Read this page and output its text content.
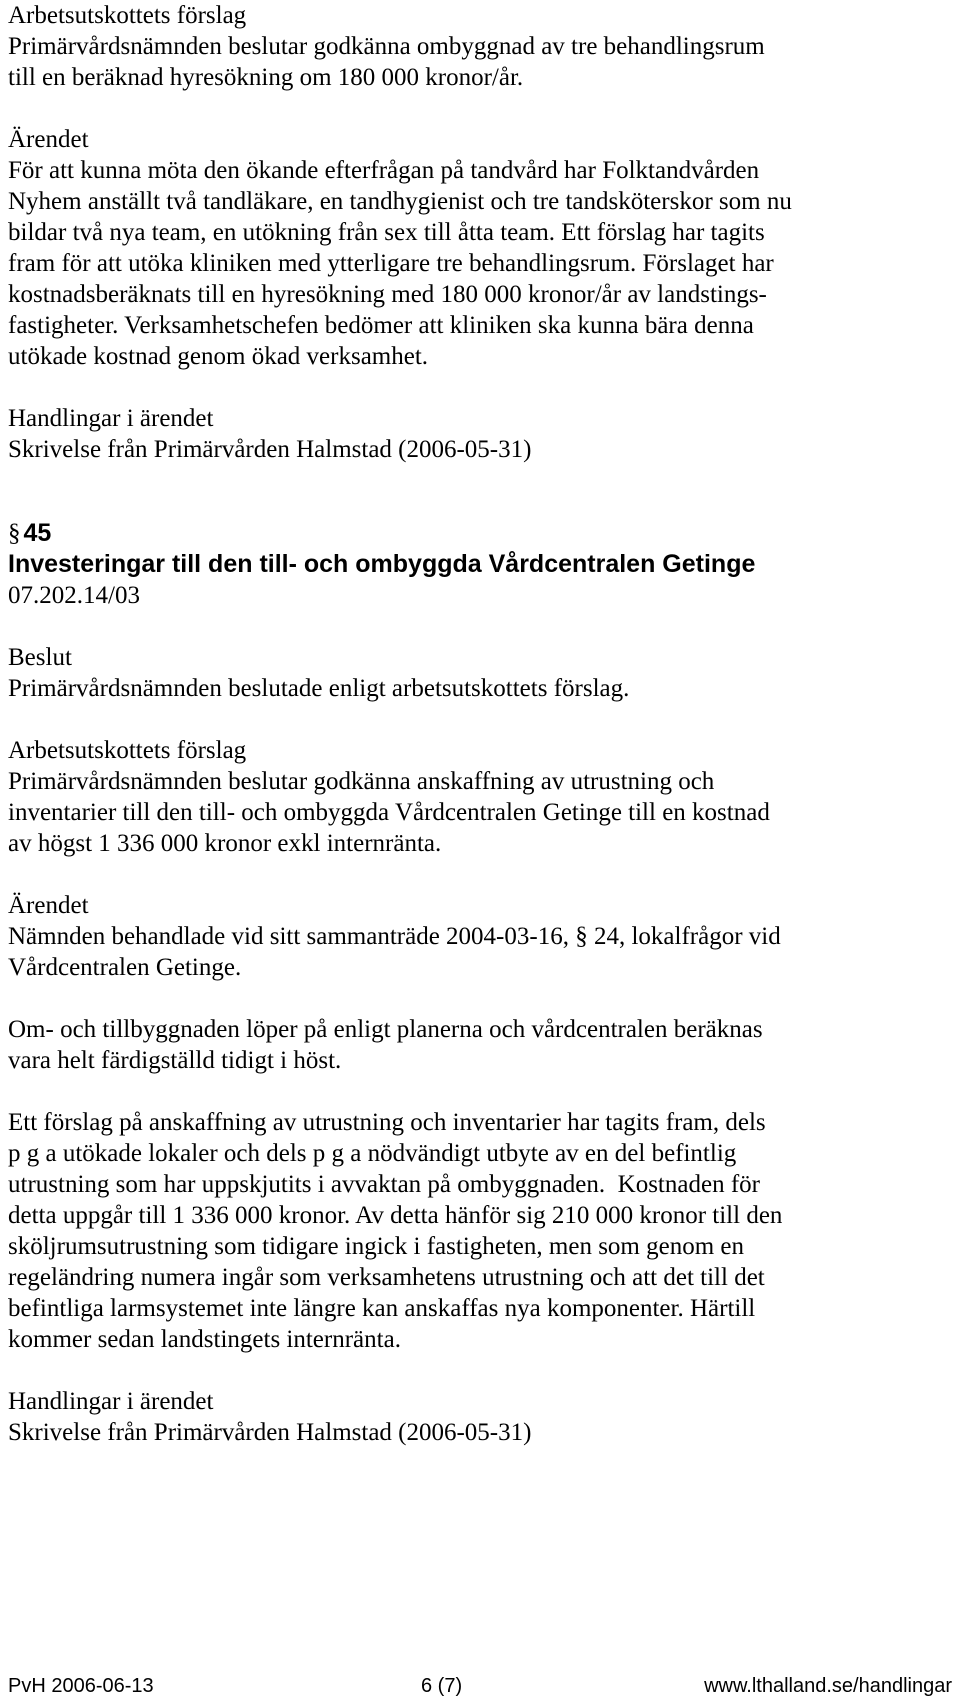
Arbetsutskottets förslag
Primärvårdsnämnden beslutar godkänna ombyggnad av tre behandlingsrum
till en beräknad hyresökning om 180 000 kronor/år.
Ärendet
För att kunna möta den ökande efterfrågan på tandvård har Folktandvården
Nyhem anställt två tandläkare, en tandhygienist och tre tandsköterskor som nu
bildar två nya team, en utökning från sex till åtta team. Ett förslag har tagits
fram för att utöka kliniken med ytterligare tre behandlingsrum. Förslaget har
kostnadsberäknats till en hyresökning med 180 000 kronor/år av landstings-
fastigheter. Verksamhetschefen bedömer att kliniken ska kunna bära denna
utökade kostnad genom ökad verksamhet.
Handlingar i ärendet
Skrivelse från Primärvården Halmstad (2006-05-31)
§ 45
Investeringar till den till- och ombyggda Vårdcentralen Getinge
07.202.14/03
Beslut
Primärvårdsnämnden beslutade enligt arbetsutskottets förslag.
Arbetsutskottets förslag
Primärvårdsnämnden beslutar godkänna anskaffning av utrustning och
inventarier till den till- och ombyggda Vårdcentralen Getinge till en kostnad
av högst 1 336 000 kronor exkl internränta.
Ärendet
Nämnden behandlade vid sitt sammanträde 2004-03-16, § 24, lokalfrågor vid
Vårdcentralen Getinge.
Om- och tillbyggnaden löper på enligt planerna och vårdcentralen beräknas
vara helt färdigställd tidigt i höst.
Ett förslag på anskaffning av utrustning och inventarier har tagits fram, dels
p g a utökade lokaler och dels p g a nödvändigt utbyte av en del befintlig
utrustning som har uppskjutits i avvaktan på ombyggnaden.  Kostnaden för
detta uppgår till 1 336 000 kronor. Av detta hänför sig 210 000 kronor till den
sköljrumsutrustning som tidigare ingick i fastigheten, men som genom en
regeländring numera ingår som verksamhetens utrustning och att det till det
befintliga larmsystemet inte längre kan anskaffas nya komponenter. Härtill
kommer sedan landstingets internränta.
Handlingar i ärendet
Skrivelse från Primärvården Halmstad (2006-05-31)
PvH 2006-06-13	6 (7)	www.lthalland.se/handlingar
